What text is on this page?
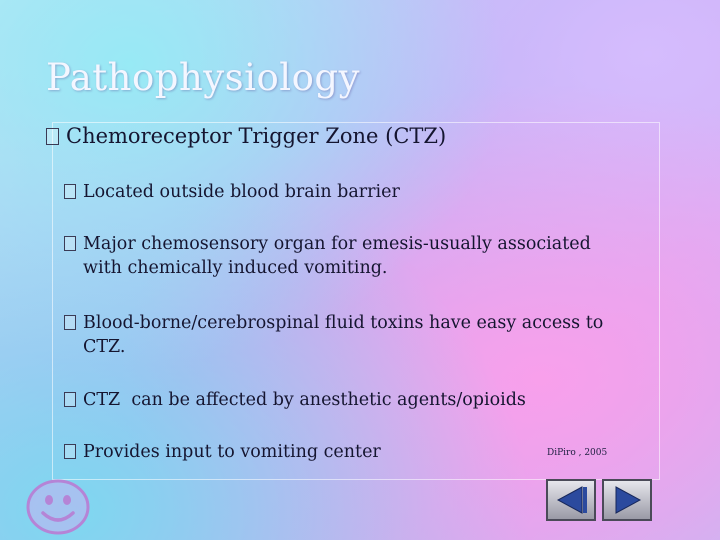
Pathophysiology
Chemoreceptor Trigger Zone (CTZ)
Located outside blood brain barrier
Major chemosensory organ for emesis-usually associated with chemically induced vomiting.
Blood-borne/cerebrospinal fluid toxins have easy access to CTZ.
CTZ  can be affected by anesthetic agents/opioids
Provides input to vomiting center	DiPiro , 2005
